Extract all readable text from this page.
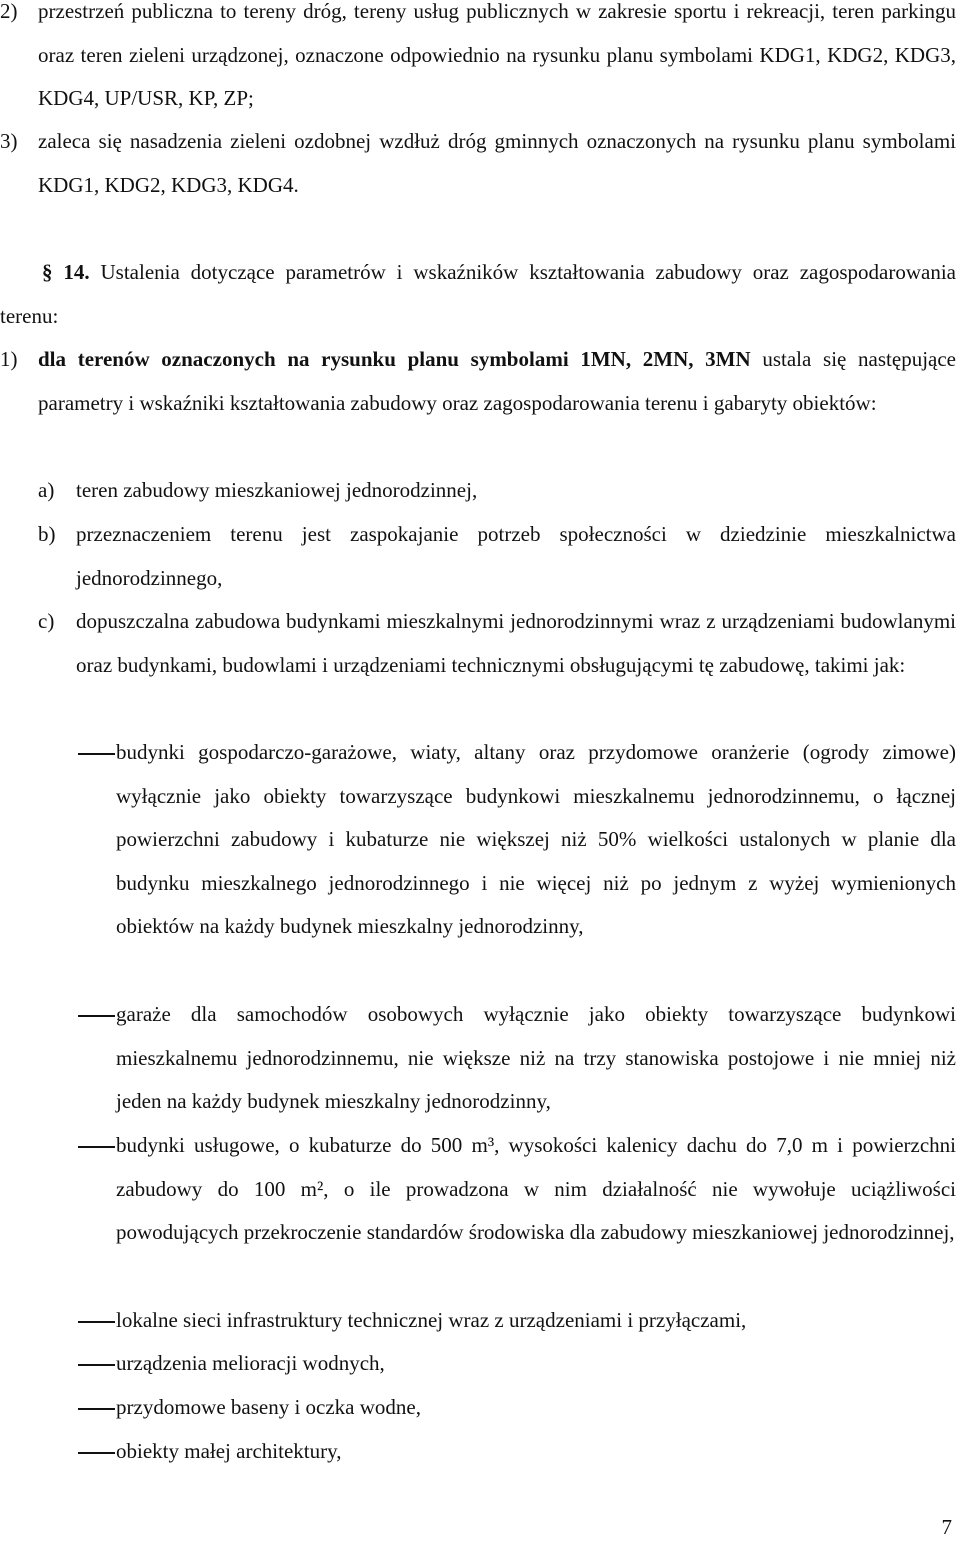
2) przestrzeń publiczna to tereny dróg, tereny usług publicznych w zakresie sportu i rekreacji, teren parkingu oraz teren zieleni urządzonej, oznaczone odpowiednio na rysunku planu symbolami KDG1, KDG2, KDG3, KDG4, UP/USR, KP, ZP;
3) zaleca się nasadzenia zieleni ozdobnej wzdłuż dróg gminnych oznaczonych na rysunku planu symbolami KDG1, KDG2, KDG3, KDG4.
§ 14. Ustalenia dotyczące parametrów i wskaźników kształtowania zabudowy oraz zagospodarowania terenu:
1) dla terenów oznaczonych na rysunku planu symbolami 1MN, 2MN, 3MN ustala się następujące parametry i wskaźniki kształtowania zabudowy oraz zagospodarowania terenu i gabaryty obiektów:
a) teren zabudowy mieszkaniowej jednorodzinnej,
b) przeznaczeniem terenu jest zaspokajanie potrzeb społeczności w dziedzinie mieszkalnictwa jednorodzinnego,
c) dopuszczalna zabudowa budynkami mieszkalnymi jednorodzinnymi wraz z urządzeniami budowlanymi oraz budynkami, budowlami i urządzeniami technicznymi obsługującymi tę zabudowę, takimi jak:
budynki gospodarczo-garażowe, wiaty, altany oraz przydomowe oranżerie (ogrody zimowe) wyłącznie jako obiekty towarzyszące budynkowi mieszkalnemu jednorodzinnemu, o łącznej powierzchni zabudowy i kubaturze nie większej niż 50% wielkości ustalonych w planie dla budynku mieszkalnego jednorodzinnego i nie więcej niż po jednym z wyżej wymienionych obiektów na każdy budynek mieszkalny jednorodzinny,
garaże dla samochodów osobowych wyłącznie jako obiekty towarzyszące budynkowi mieszkalnemu jednorodzinnemu, nie większe niż na trzy stanowiska postojowe i nie mniej niż jeden na każdy budynek mieszkalny jednorodzinny,
budynki usługowe, o kubaturze do 500 m³, wysokości kalenicy dachu do 7,0 m i powierzchni zabudowy do 100 m², o ile prowadzona w nim działalność nie wywołuje uciążliwości powodujących przekroczenie standardów środowiska dla zabudowy mieszkaniowej jednorodzinnej,
lokalne sieci infrastruktury technicznej wraz z urządzeniami i przyłączami,
urządzenia melioracji wodnych,
przydomowe baseny i oczka wodne,
obiekty małej architektury,
7
